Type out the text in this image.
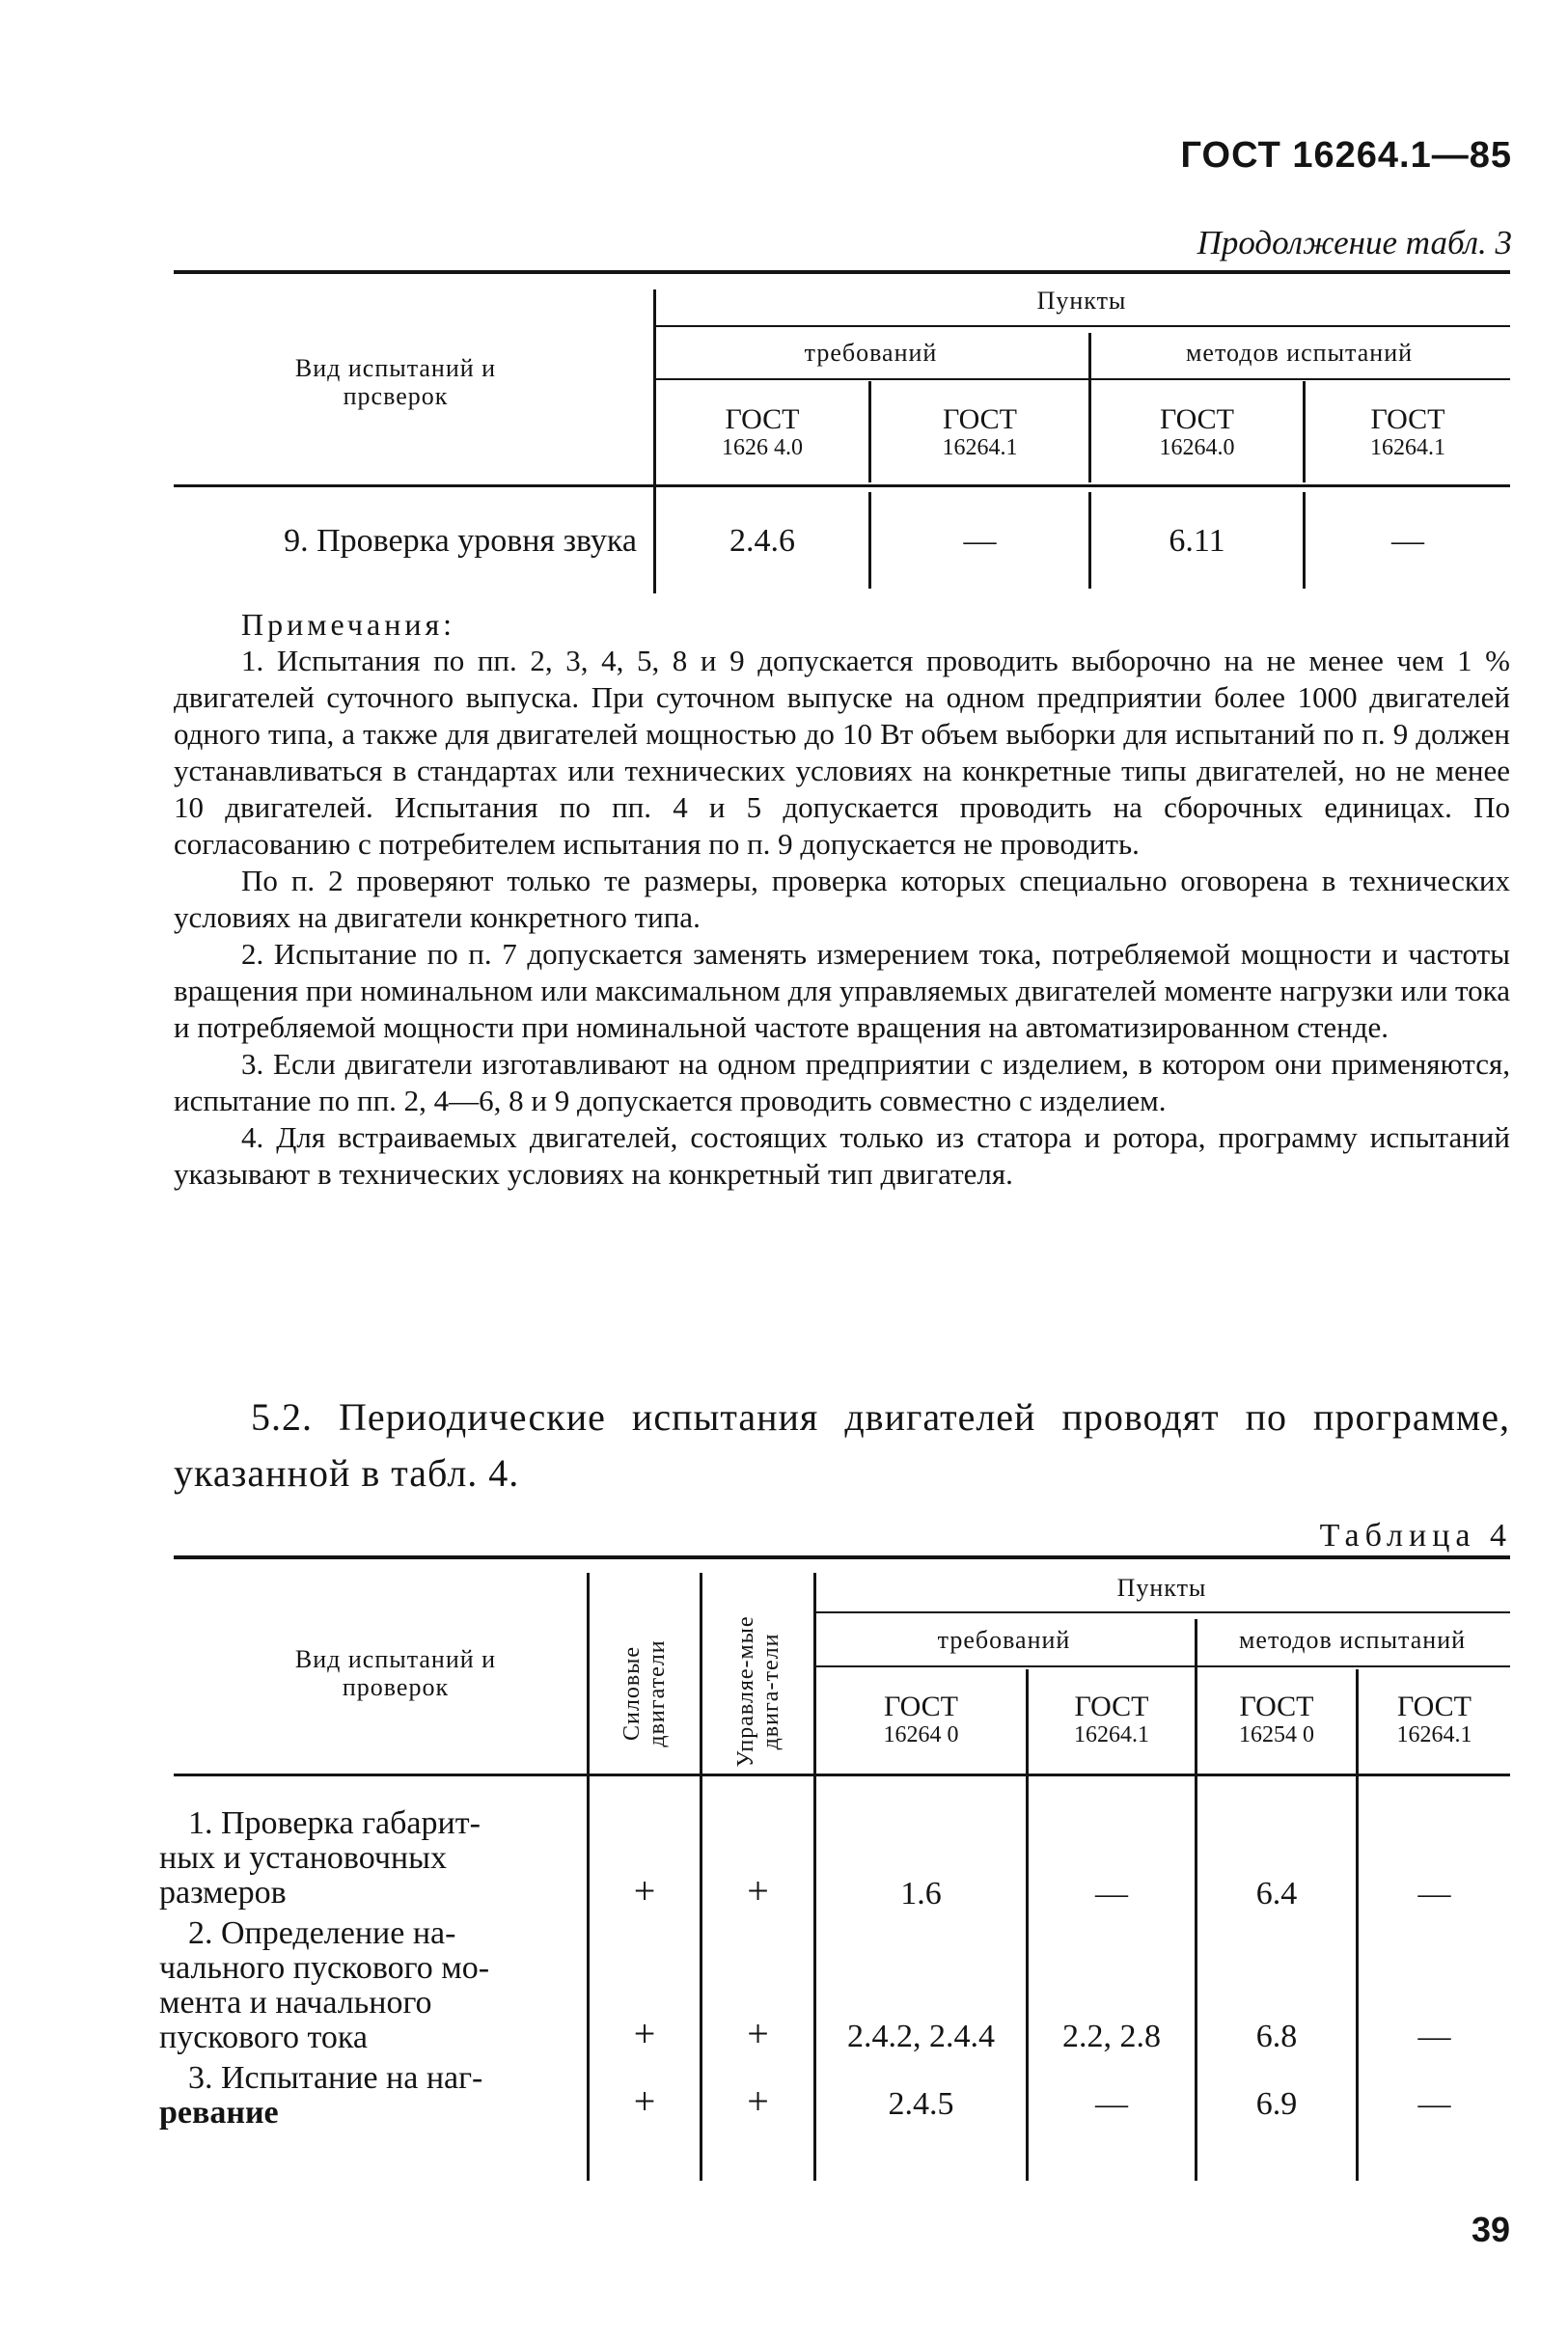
ГОСТ 16264.1—85
Продолжение табл. 3
Вид испытаний и прсверок
Пункты
требований	методов испытаний
ГОСТ
1626 4.0
ГОСТ
16264.1
ГОСТ
16264.0
ГОСТ
16264.1
9. Проверка уровня звука	2.4.6	—	6.11	—

Примечания:

1. Испытания по пп. 2, 3, 4, 5, 8 и 9 допускается проводить выборочно на не менее чем 1 % двигателей суточного выпуска. При суточном выпуске на одном предприятии более 1000 двигателей одного типа, а также для двигателей мощностью до 10 Вт объем выборки для испытаний по п. 9 должен устанавливаться в стандартах или технических условиях на конкретные типы двигателей, но не менее 10 двигателей. Испытания по пп. 4 и 5 допускается проводить на сборочных единицах. По согласованию с потребителем испытания по п. 9 допускается не проводить.

По п. 2 проверяют только те размеры, проверка которых специально оговорена в технических условиях на двигатели конкретного типа.

2. Испытание по п. 7 допускается заменять измерением тока, потребляемой мощности и частоты вращения при номинальном или максимальном для управляемых двигателей моменте нагрузки или тока и потребляемой мощности при номинальной частоте вращения на автоматизированном стенде.

3. Если двигатели изготавливают на одном предприятии с изделием, в котором они применяются, испытание по пп. 2, 4—6, 8 и 9 допускается проводить совместно с изделием.

4. Для встраиваемых двигателей, состоящих только из статора и ротора, программу испытаний указывают в технических условиях на конкретный тип двигателя.

5.2. Периодические испытания двигателей проводят по программе, указанной в табл. 4.
Таблица 4
Вид испытаний и проверок	Силовые двигатели	Управляе-мые двига-тели
Пункты
требований	методов испытаний
ГОСТ
16264 0
ГОСТ
16264.1
ГОСТ
16254 0
ГОСТ
16264.1
1. Проверка габарит-
ных и установочных
размеров	+	+	1.6	—	6.4	—
2. Определение на-
чального пускового мо-
мента и начального
пускового тока	+	+	2.4.2, 2.4.4	2.2, 2.8	6.8	—
3. Испытание на наг-
ревание	+	+	2.4.5	—	6.9	—
39
